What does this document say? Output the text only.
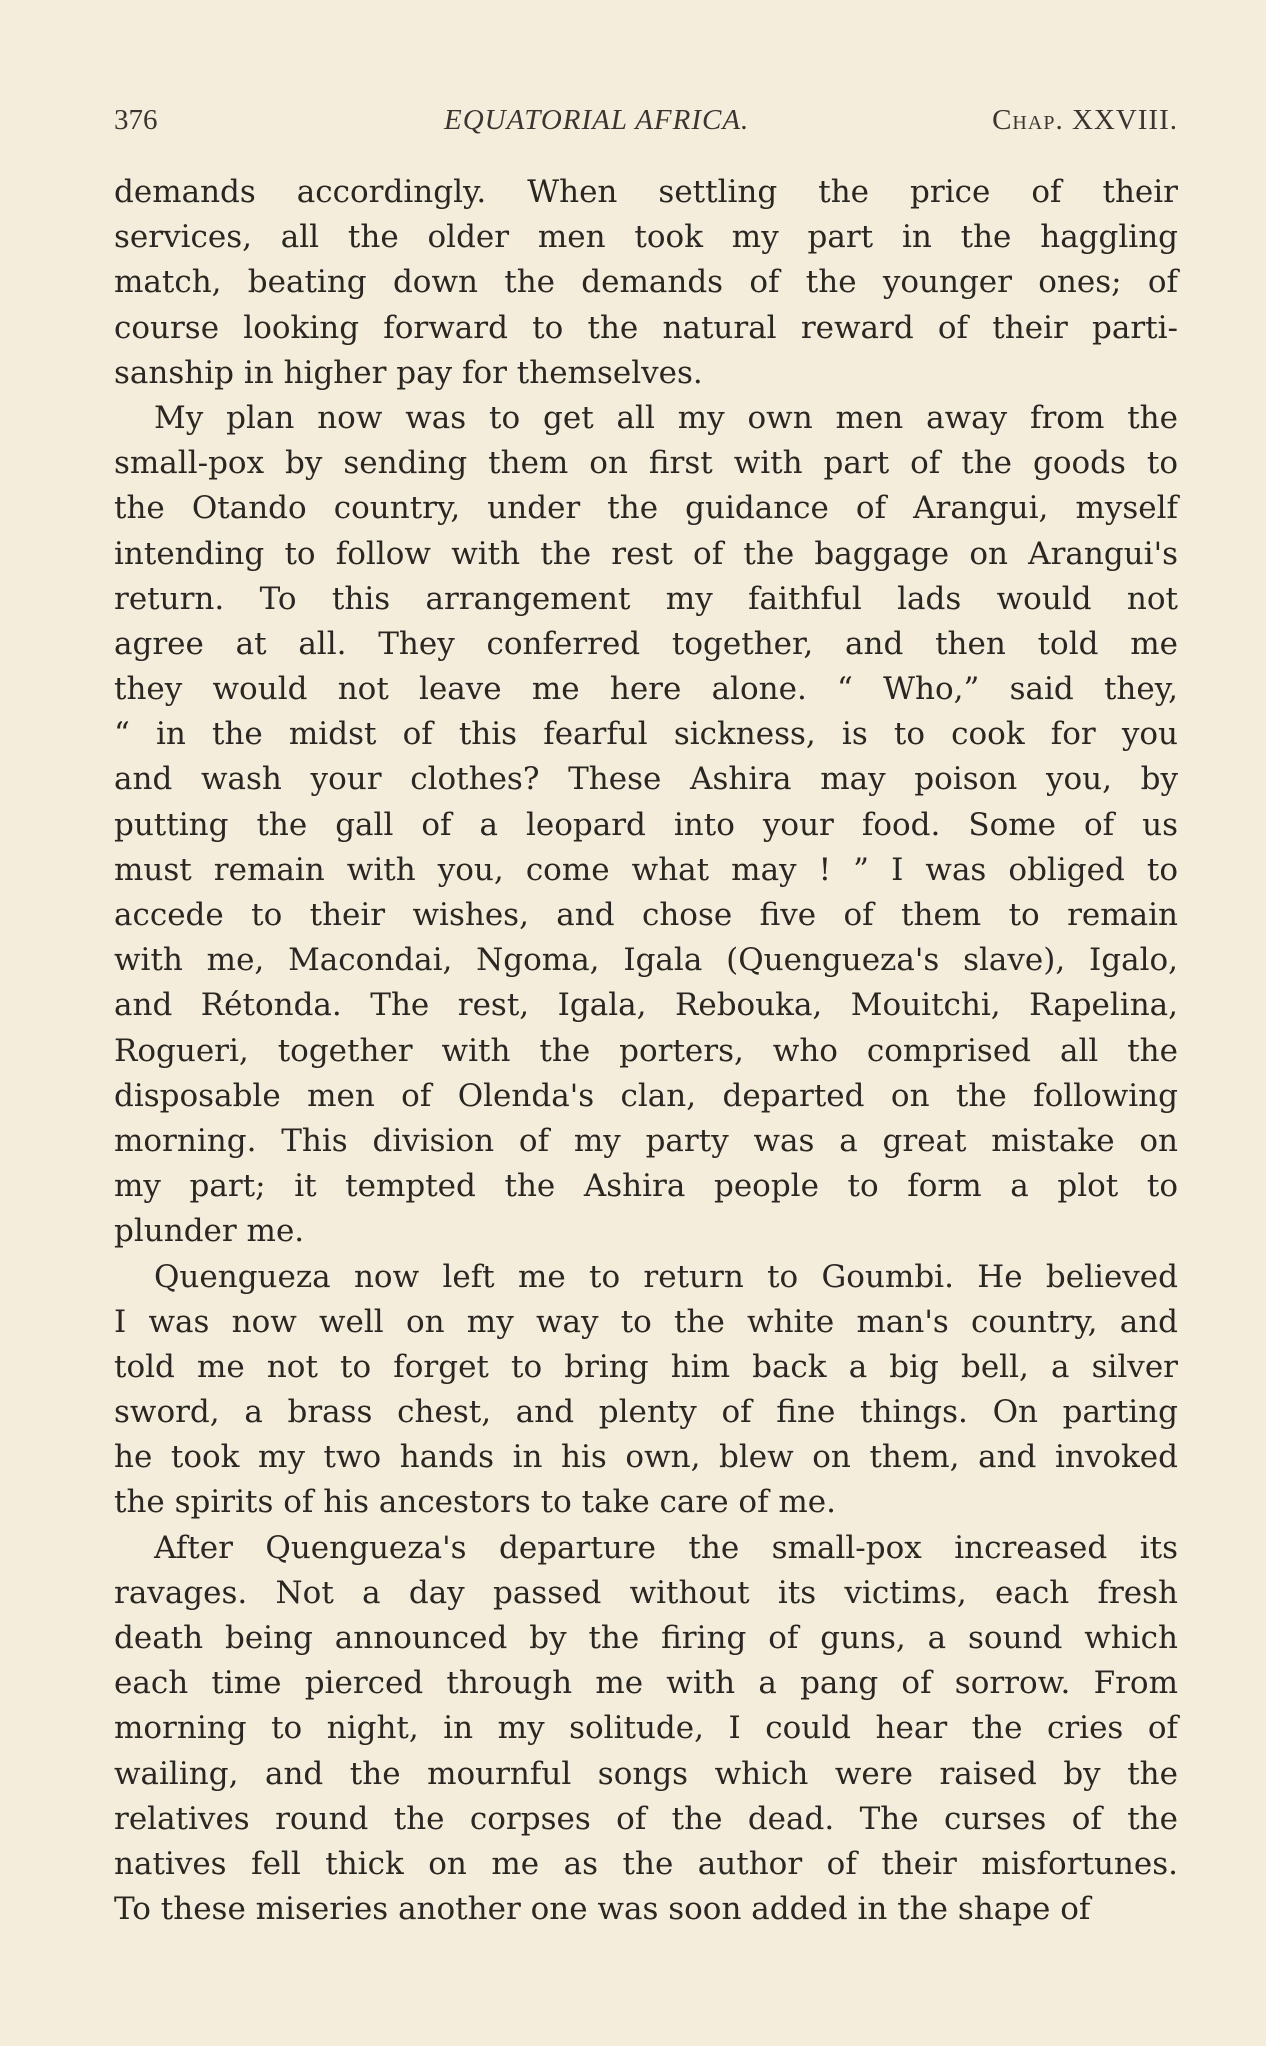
376	EQUATORIAL AFRICA.	Chap. XXVIII.
demands accordingly. When settling the price of their
services, all the older men took my part in the haggling
match, beating down the demands of the younger ones; of
course looking forward to the natural reward of their parti-
sanship in higher pay for themselves.
My plan now was to get all my own men away from the
small-pox by sending them on first with part of the goods to
the Otando country, under the guidance of Arangui, myself
intending to follow with the rest of the baggage on Arangui's
return. To this arrangement my faithful lads would not
agree at all. They conferred together, and then told me
they would not leave me here alone. “ Who,” said they,
“ in the midst of this fearful sickness, is to cook for you
and wash your clothes? These Ashira may poison you, by
putting the gall of a leopard into your food. Some of us
must remain with you, come what may ! ” I was obliged to
accede to their wishes, and chose five of them to remain
with me, Macondai, Ngoma, Igala (Quengueza's slave), Igalo,
and Rétonda. The rest, Igala, Rebouka, Mouitchi, Rapelina,
Rogueri, together with the porters, who comprised all the
disposable men of Olenda's clan, departed on the following
morning. This division of my party was a great mistake on
my part; it tempted the Ashira people to form a plot to
plunder me.
Quengueza now left me to return to Goumbi. He believed
I was now well on my way to the white man's country, and
told me not to forget to bring him back a big bell, a silver
sword, a brass chest, and plenty of fine things. On parting
he took my two hands in his own, blew on them, and invoked
the spirits of his ancestors to take care of me.
After Quengueza's departure the small-pox increased its
ravages. Not a day passed without its victims, each fresh
death being announced by the firing of guns, a sound which
each time pierced through me with a pang of sorrow. From
morning to night, in my solitude, I could hear the cries of
wailing, and the mournful songs which were raised by the
relatives round the corpses of the dead. The curses of the
natives fell thick on me as the author of their misfortunes.
To these miseries another one was soon added in the shape of
